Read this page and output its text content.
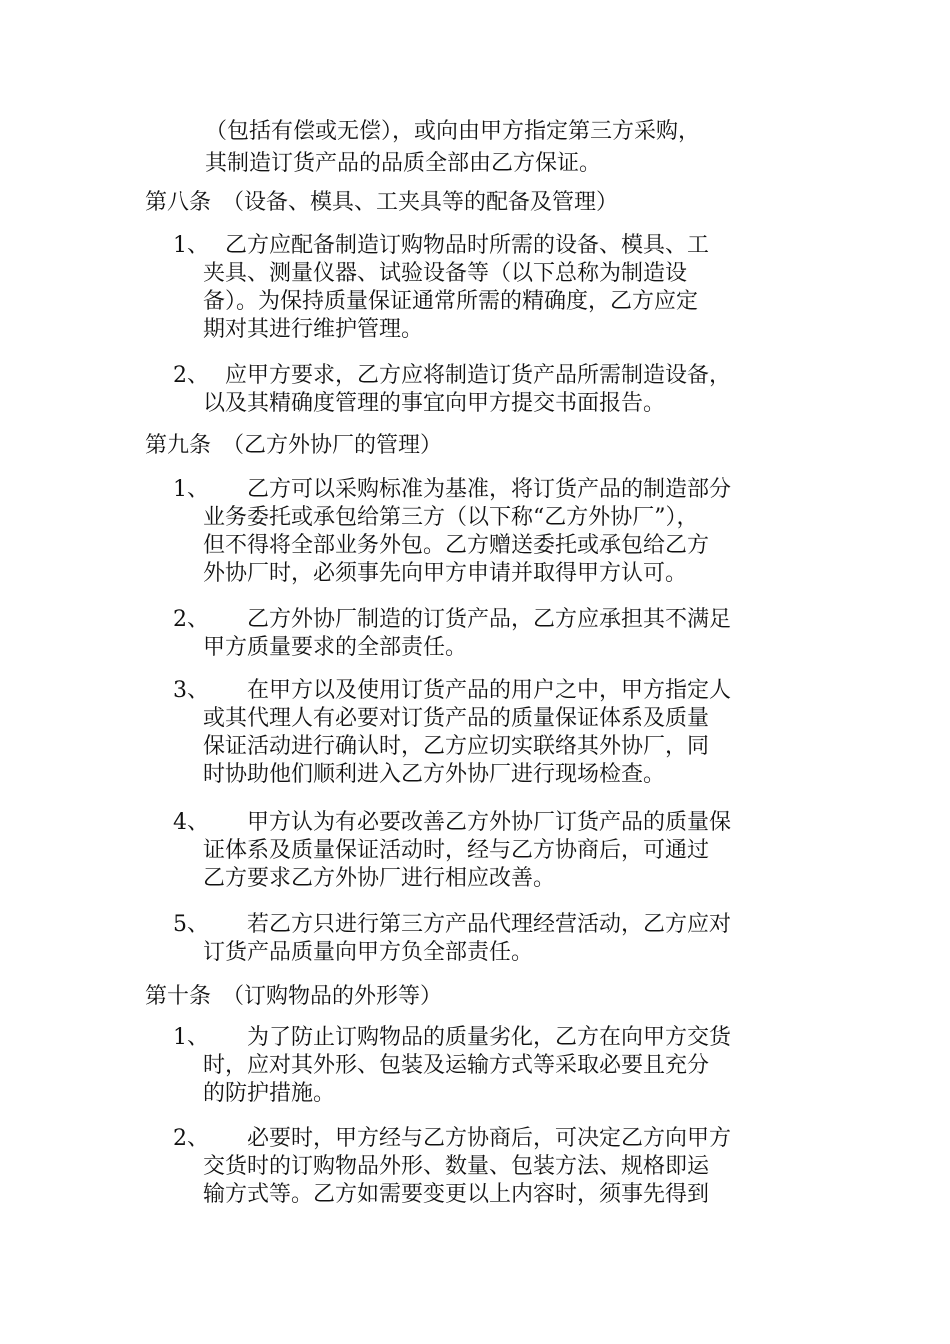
（包括有偿或无偿），或向由甲方指定第三方采购，
其制造订货产品的品质全部由乙方保证。
第八条　（设备、模具、工夹具等的配备及管理）
1、
　乙方应配备制造订购物品时所需的设备、模具、工
夹具、测量仪器、试验设备等（以下总称为制造设
备）。为保持质量保证通常所需的精确度，乙方应定
期对其进行维护管理。
2、
　应甲方要求，乙方应将制造订货产品所需制造设备，
以及其精确度管理的事宜向甲方提交书面报告。
第九条　（乙方外协厂的管理）
1、
　　乙方可以采购标准为基准，将订货产品的制造部分
业务委托或承包给第三方（以下称“乙方外协厂”），
但不得将全部业务外包。乙方赠送委托或承包给乙方
外协厂时，必须事先向甲方申请并取得甲方认可。
2、
　　乙方外协厂制造的订货产品，乙方应承担其不满足
甲方质量要求的全部责任。
3、
　　在甲方以及使用订货产品的用户之中，甲方指定人
或其代理人有必要对订货产品的质量保证体系及质量
保证活动进行确认时，乙方应切实联络其外协厂，同
时协助他们顺利进入乙方外协厂进行现场检查。
4、
　　甲方认为有必要改善乙方外协厂订货产品的质量保
证体系及质量保证活动时，经与乙方协商后，可通过
乙方要求乙方外协厂进行相应改善。
5、
　　若乙方只进行第三方产品代理经营活动，乙方应对
订货产品质量向甲方负全部责任。
第十条　（订购物品的外形等）
1、
　　为了防止订购物品的质量劣化，乙方在向甲方交货
时，应对其外形、包装及运输方式等采取必要且充分
的防护措施。
2、
　　必要时，甲方经与乙方协商后，可决定乙方向甲方
交货时的订购物品外形、数量、包装方法、规格即运
输方式等。乙方如需要变更以上内容时，须事先得到
